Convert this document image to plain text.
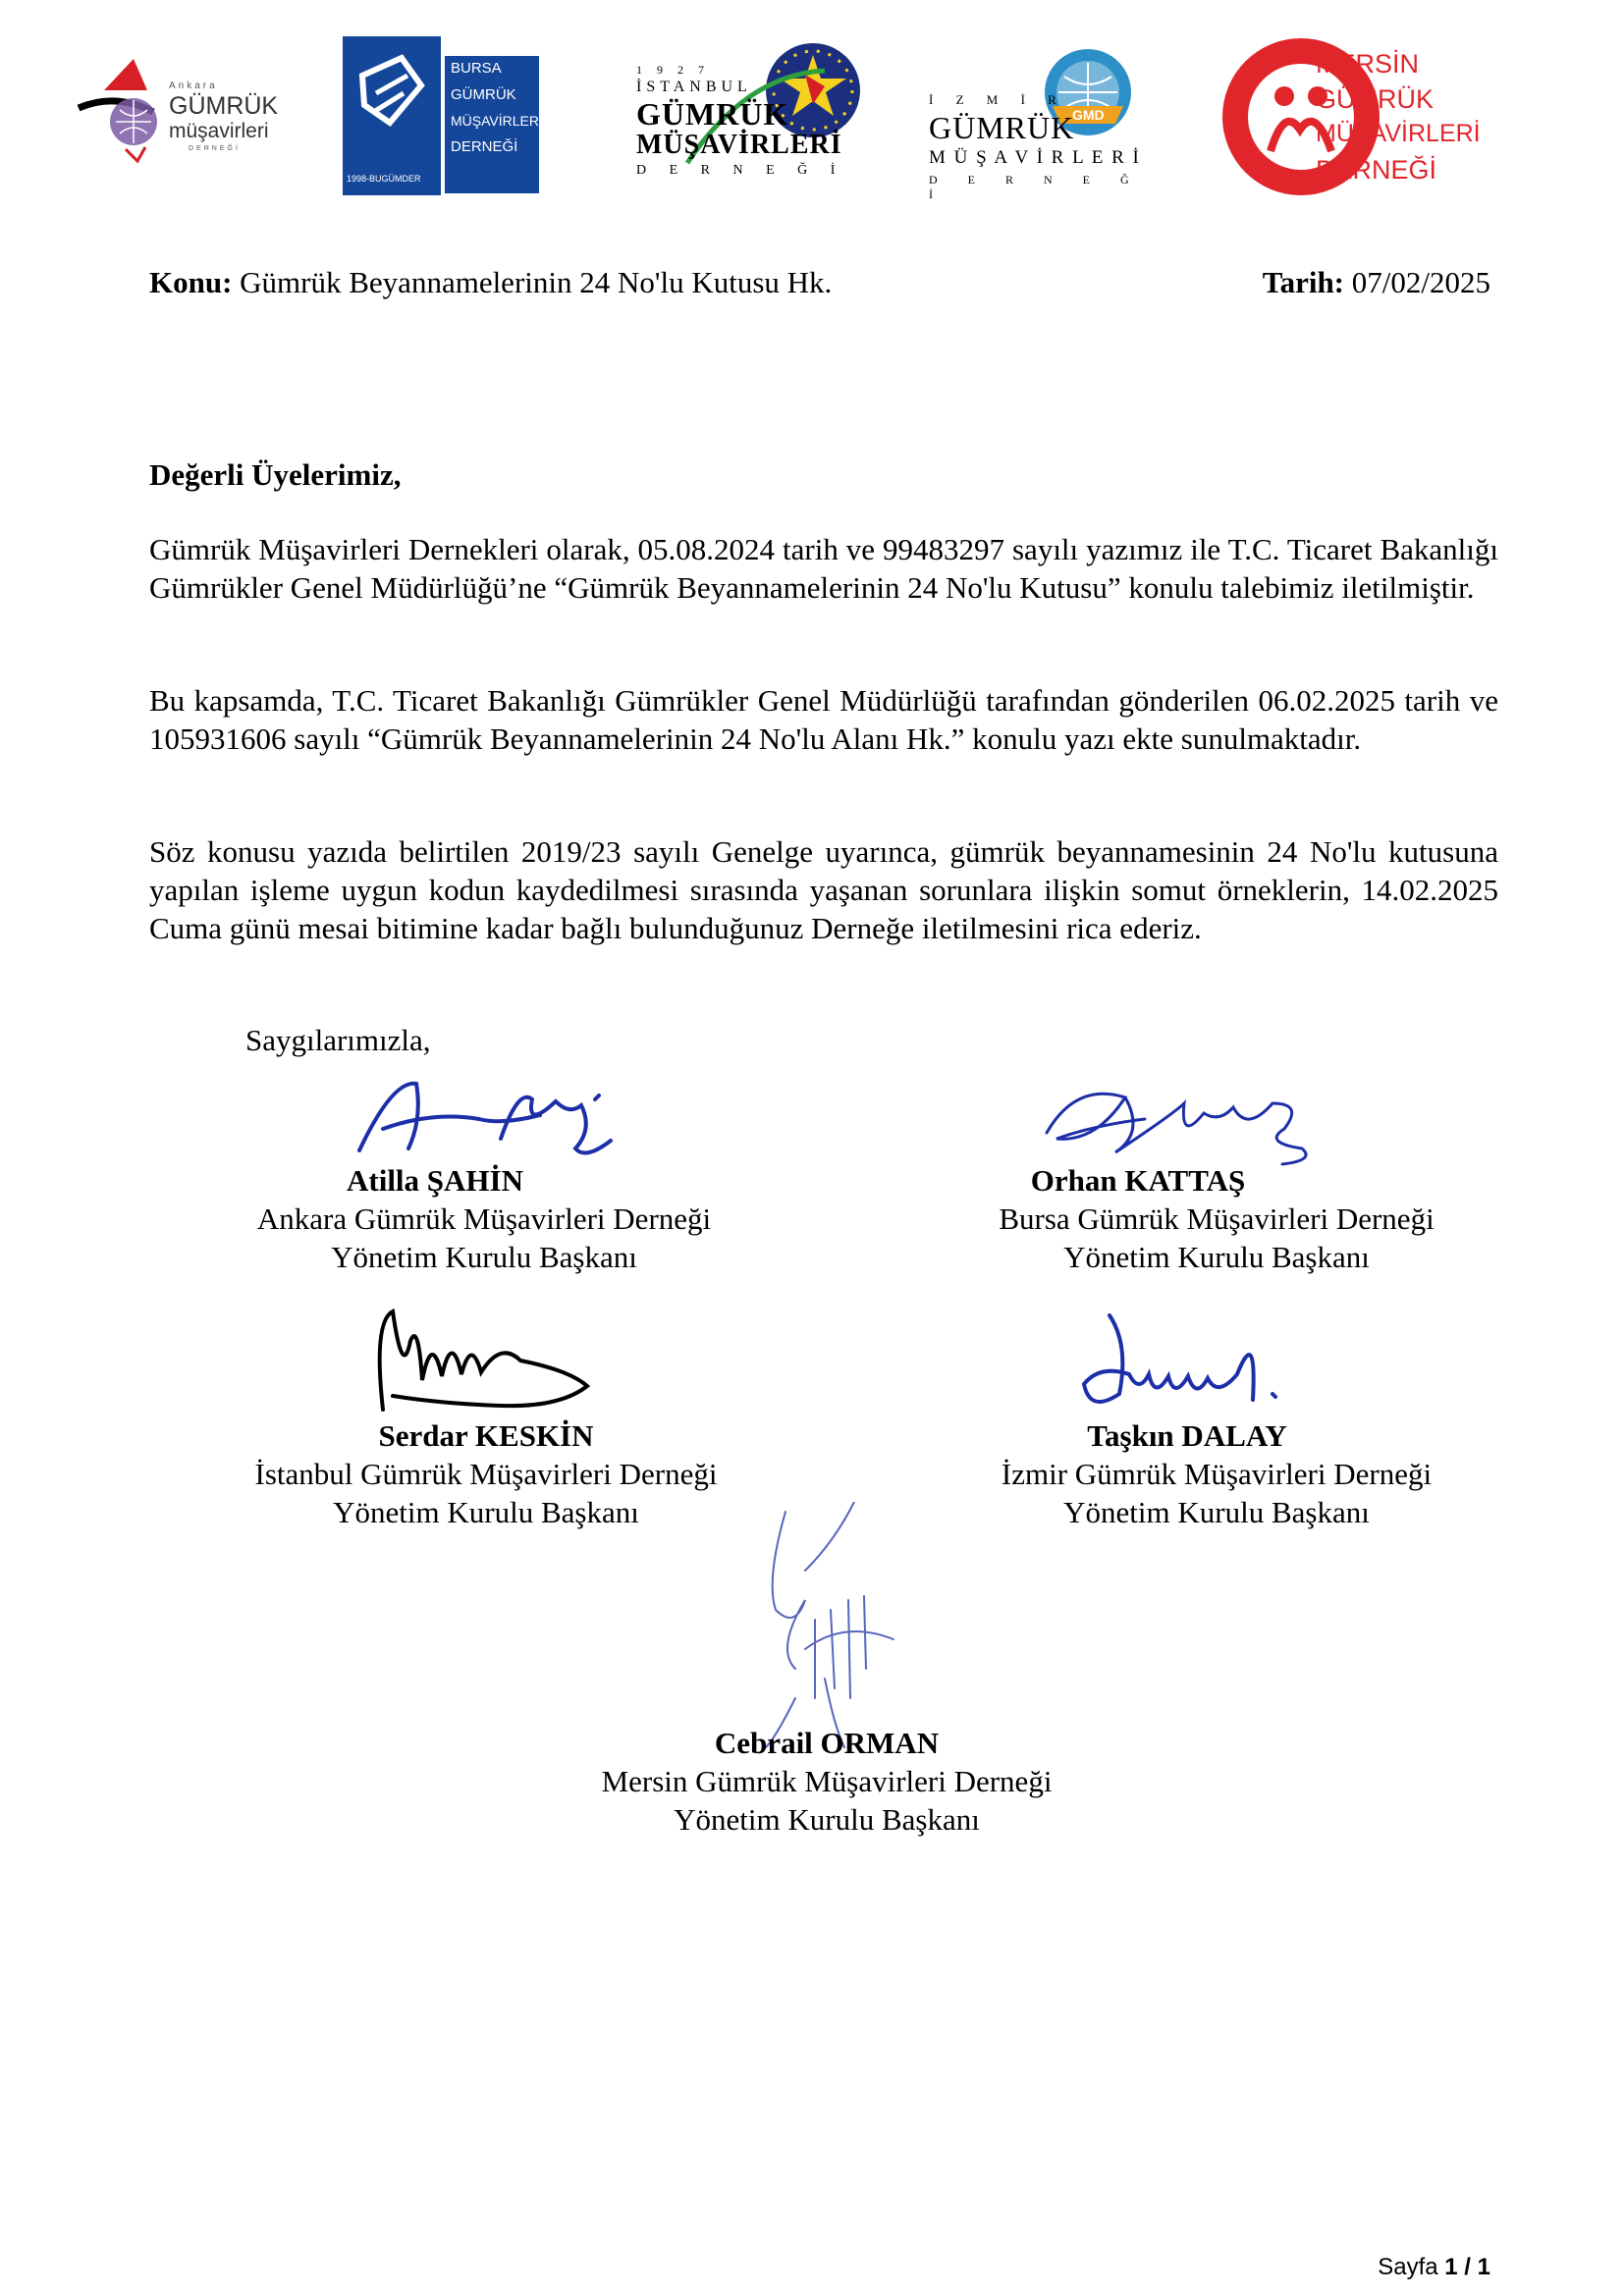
Ankara
GÜMRÜK
müşavirleri
DERNEĞİ
1998-BUGÜMDER
BURSA
GÜMRÜK
MÜŞAVİRLERİ
DERNEĞİ
1 9 2 7
İSTANBUL
GÜMRÜK
MÜŞAVİRLERİ
D E R N E Ğ İ
GMD
İ Z M İ R
GÜMRÜK
M Ü Ş A V İ R L E R İ
D E R N E Ğ İ
MERSİN
GÜMRÜK
MÜŞAVİRLERİ
DERNEĞİ
Konu: Gümrük Beyannamelerinin 24 No'lu Kutusu Hk.	Tarih: 07/02/2025
Değerli Üyelerimiz,
Gümrük Müşavirleri Dernekleri olarak, 05.08.2024 tarih ve 99483297 sayılı yazımız ile T.C. Ticaret Bakanlığı Gümrükler Genel Müdürlüğü’ne “Gümrük Beyannamelerinin 24 No'lu Kutusu” konulu talebimiz iletilmiştir.
Bu kapsamda, T.C. Ticaret Bakanlığı Gümrükler Genel Müdürlüğü tarafından gönderilen 06.02.2025 tarih ve 105931606 sayılı “Gümrük Beyannamelerinin 24 No'lu Alanı Hk.” konulu yazı ekte sunulmaktadır.
Söz konusu yazıda belirtilen 2019/23 sayılı Genelge uyarınca, gümrük beyannamesinin 24 No'lu kutusuna yapılan işleme uygun kodun kaydedilmesi sırasında yaşanan sorunlara ilişkin somut örneklerin, 14.02.2025 Cuma günü mesai bitimine kadar bağlı bulunduğunuz Derneğe iletilmesini rica ederiz.
Saygılarımızla,
Atilla ŞAHİN
Ankara Gümrük Müşavirleri Derneği
Yönetim Kurulu Başkanı
Orhan KATTAŞ
Bursa Gümrük Müşavirleri Derneği
Yönetim Kurulu Başkanı
Serdar KESKİN
İstanbul Gümrük Müşavirleri Derneği
Yönetim Kurulu Başkanı
Taşkın DALAY
İzmir Gümrük Müşavirleri Derneği
Yönetim Kurulu Başkanı
Cebrail ORMAN
Mersin Gümrük Müşavirleri Derneği
Yönetim Kurulu Başkanı
Sayfa 1 / 1
